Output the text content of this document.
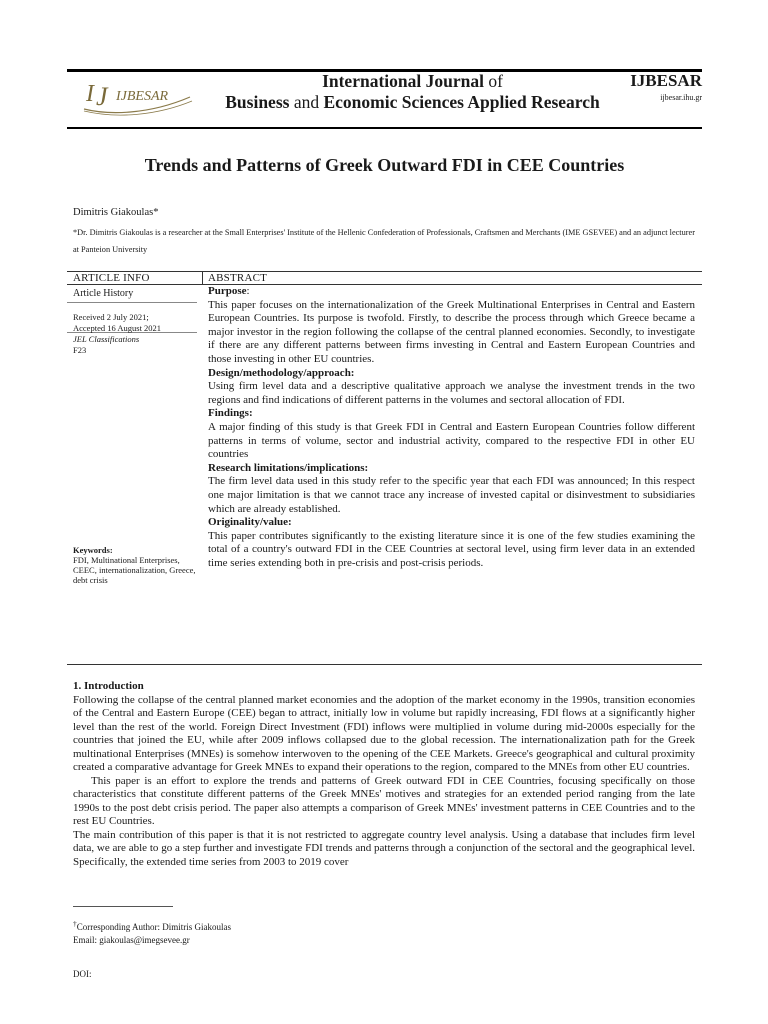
I J IJBESAR
International Journal of
Business and Economic Sciences Applied Research
IJBESAR
ijbesar.ihu.gr
Trends and Patterns of Greek Outward FDI in CEE Countries
Dimitris Giakoulas*
*Dr. Dimitris Giakoulas is a researcher at the Small Enterprises' Institute of the Hellenic Confederation of Professionals, Craftsmen and Merchants (IME GSEVEE) and an adjunct lecturer at Panteion University
ARTICLE INFO	ABSTRACT
Article History
Received 2 July 2021;
Accepted 16 August 2021
JEL Classifications
F23
Keywords:
FDI, Multinational Enterprises, CEEC, internationalization, Greece, debt crisis

Purpose:

This paper focuses on the internationalization of the Greek Multinational Enterprises in Central and Eastern European Countries. Its purpose is twofold. Firstly, to describe the process through which Greece became a major investor in the region following the collapse of the central planned economies. Secondly, to investigate if there are any different patterns between firms investing in Central and Eastern European Countries and those investing in other EU countries.

Design/methodology/approach:

Using firm level data and a descriptive qualitative approach we analyse the investment trends in the two regions and find indications of different patterns in the volumes and sectoral allocation of FDI.

Findings:

A major finding of this study is that Greek FDI in Central and Eastern European Countries follow different patterns in terms of volume, sector and industrial activity, compared to the respective FDI in other EU countries

Research limitations/implications:

The firm level data used in this study refer to the specific year that each FDI was announced; In this respect one major limitation is that we cannot trace any increase of invested capital or disinvestment to subsidiaries which are already established.

Originality/value:

This paper contributes significantly to the existing literature since it is one of the few studies examining the total of a country's outward FDI in the CEE Countries at sectoral level, using firm lever data in an extended time series extending both in pre-crisis and post-crisis periods.

1. Introduction

Following the collapse of the central planned market economies and the adoption of the market economy in the 1990s, transition economies of the Central and Eastern Europe (CEE) began to attract, initially low in volume but rapidly increasing, FDI flows at a significantly higher level than the rest of the world. Foreign Direct Investment (FDI) inflows were multiplied in volume during mid-2000s especially for the countries that joined the EU, while after 2009 inflows collapsed due to the global recession. The internationalization path for the Greek multinational Enterprises (MNEs) is somehow interwoven to the opening of the CEE Markets. Greece's geographical and cultural proximity created a comparative advantage for Greek MNEs to expand their operations to the region, compared to the MNEs from other EU countries.

This paper is an effort to explore the trends and patterns of Greek outward FDI in CEE Countries, focusing specifically on those characteristics that constitute different patterns of the Greek MNEs' motives and strategies for an extended period ranging from the late 1990s to the post debt crisis period. The paper also attempts a comparison of Greek MNEs' investment patterns in CEE Countries and to the rest EU Countries.

The main contribution of this paper is that it is not restricted to aggregate country level analysis. Using a database that includes firm level data, we are able to go a step further and investigate FDI trends and patterns through a conjunction of the sectoral and the geographical level. Specifically, the extended time series from 2003 to 2019 cover

†Corresponding Author: Dimitris Giakoulas
Email: giakoulas@imegsevee.gr
DOI:
